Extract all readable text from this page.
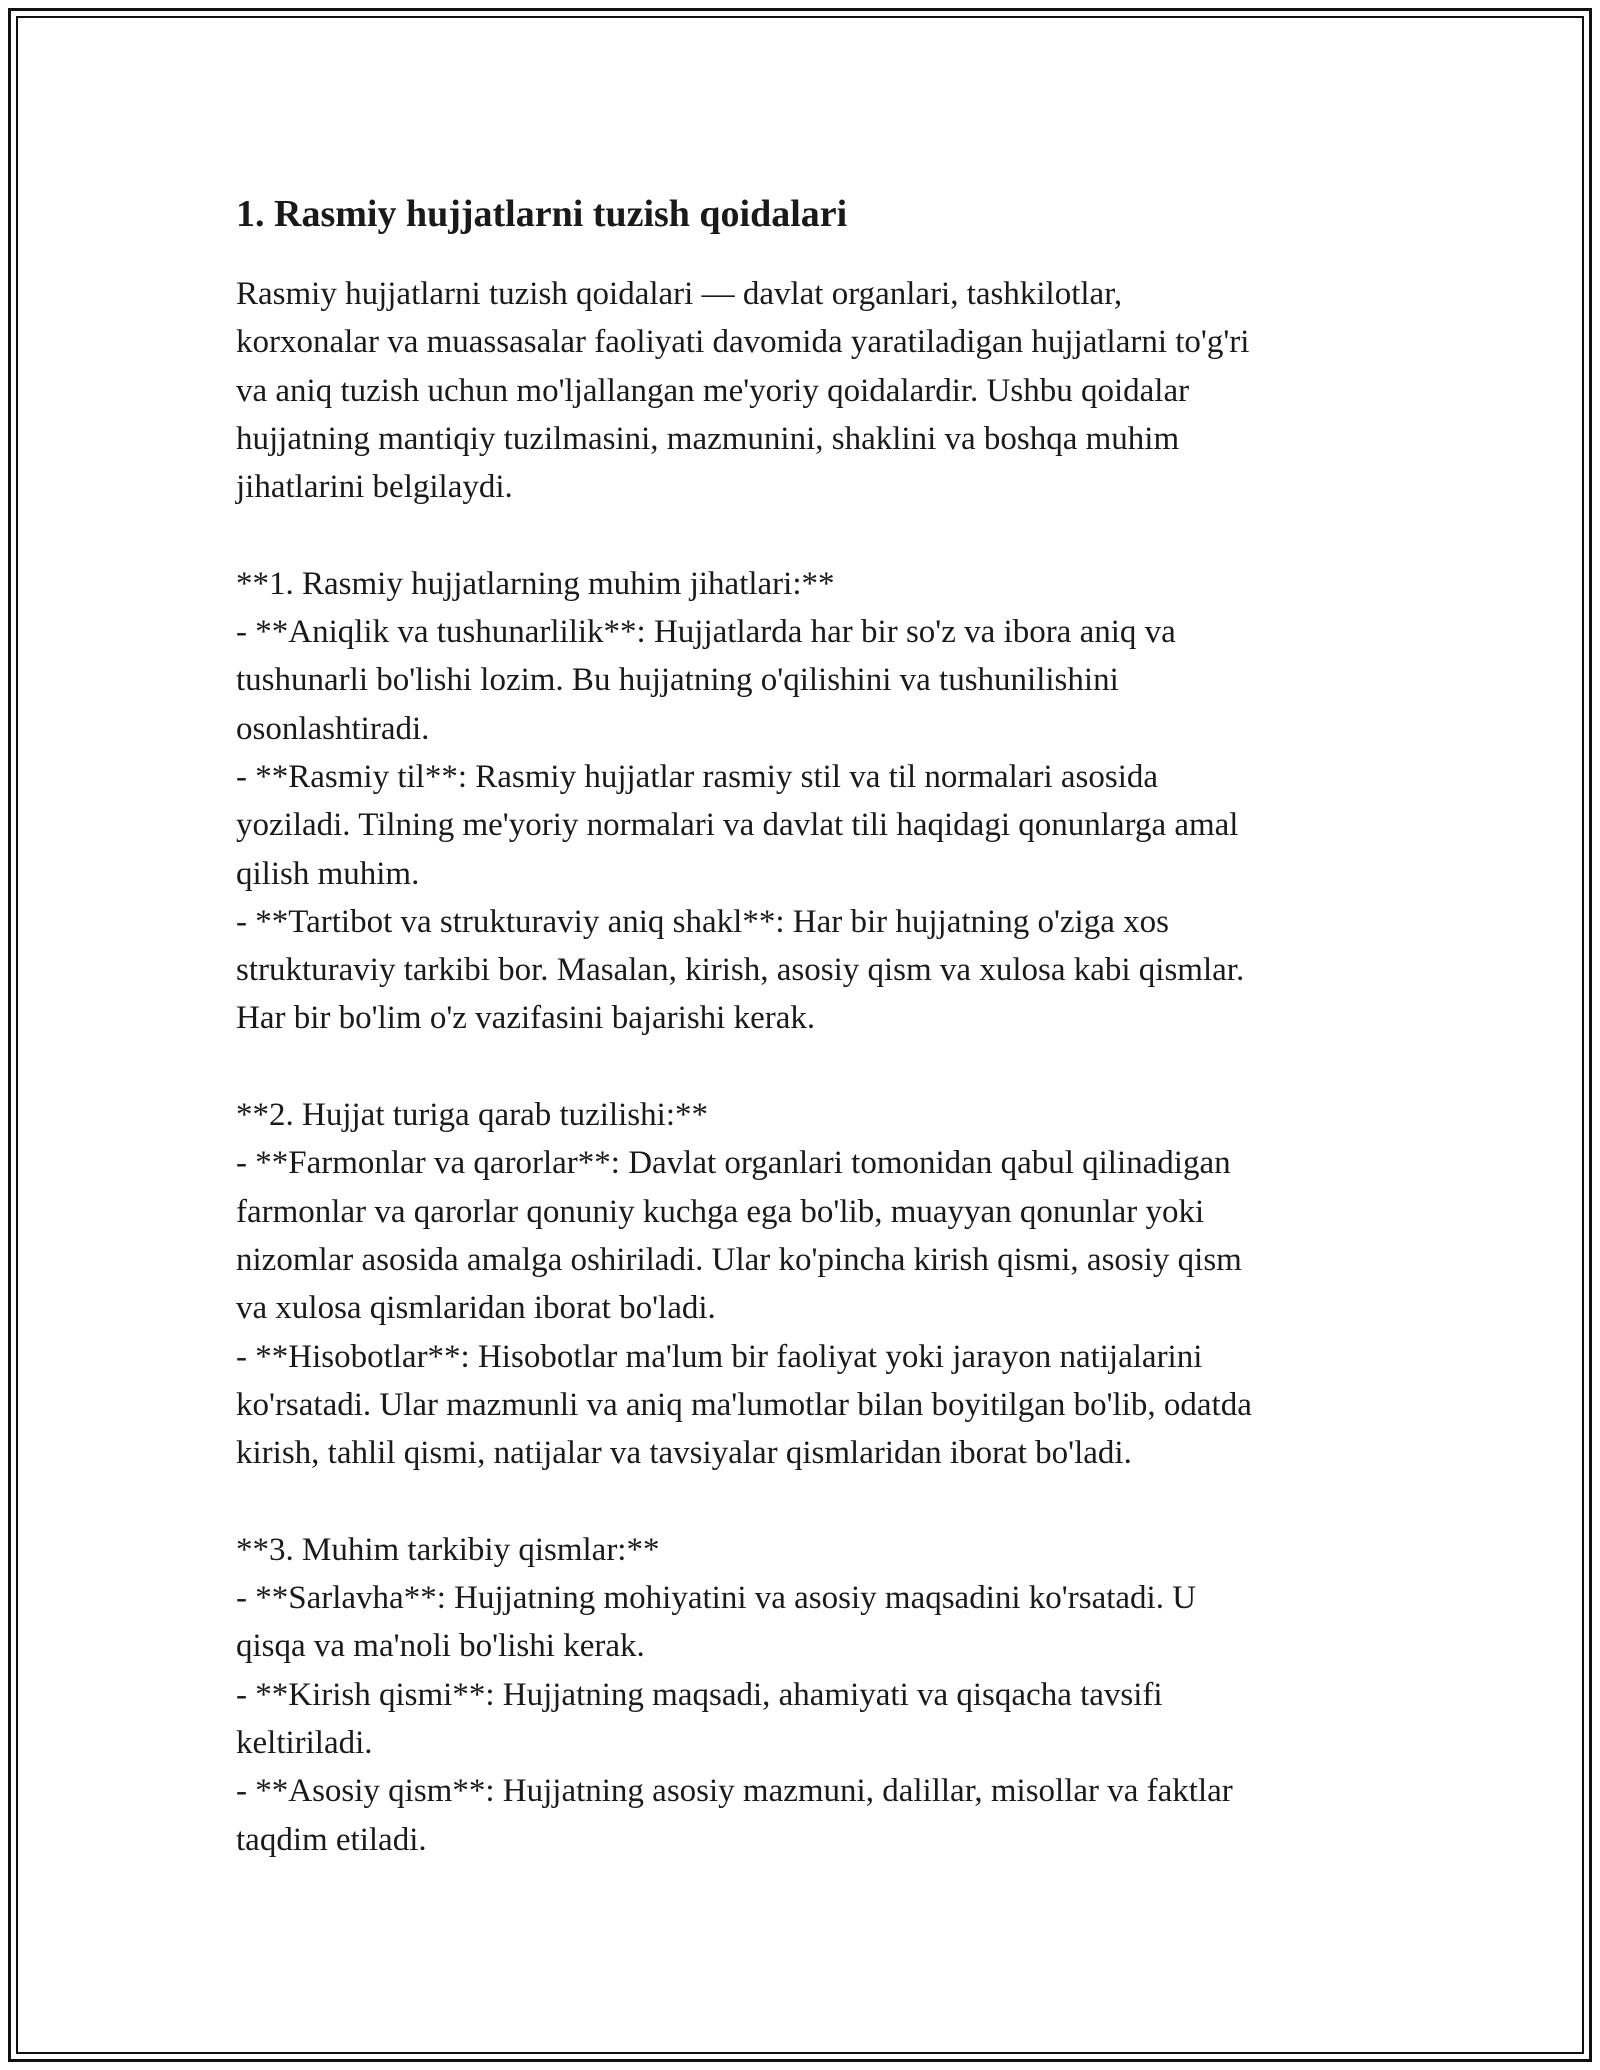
1. Rasmiy hujjatlarni tuzish qoidalari

Rasmiy hujjatlarni tuzish qoidalari — davlat organlari, tashkilotlar,

korxonalar va muassasalar faoliyati davomida yaratiladigan hujjatlarni to'g'ri

va aniq tuzish uchun mo'ljallangan me'yoriy qoidalardir. Ushbu qoidalar

hujjatning mantiqiy tuzilmasini, mazmunini, shaklini va boshqa muhim

jihatlarini belgilaydi.

**1. Rasmiy hujjatlarning muhim jihatlari:**

- **Aniqlik va tushunarlilik**: Hujjatlarda har bir so'z va ibora aniq va

tushunarli bo'lishi lozim. Bu hujjatning o'qilishini va tushunilishini

osonlashtiradi.

- **Rasmiy til**: Rasmiy hujjatlar rasmiy stil va til normalari asosida

yoziladi. Tilning me'yoriy normalari va davlat tili haqidagi qonunlarga amal

qilish muhim.

- **Tartibot va strukturaviy aniq shakl**: Har bir hujjatning o'ziga xos

strukturaviy tarkibi bor. Masalan, kirish, asosiy qism va xulosa kabi qismlar.

Har bir bo'lim o'z vazifasini bajarishi kerak.

**2. Hujjat turiga qarab tuzilishi:**

- **Farmonlar va qarorlar**: Davlat organlari tomonidan qabul qilinadigan

farmonlar va qarorlar qonuniy kuchga ega bo'lib, muayyan qonunlar yoki

nizomlar asosida amalga oshiriladi. Ular ko'pincha kirish qismi, asosiy qism

va xulosa qismlaridan iborat bo'ladi.

- **Hisobotlar**: Hisobotlar ma'lum bir faoliyat yoki jarayon natijalarini

ko'rsatadi. Ular mazmunli va aniq ma'lumotlar bilan boyitilgan bo'lib, odatda

kirish, tahlil qismi, natijalar va tavsiyalar qismlaridan iborat bo'ladi.

**3. Muhim tarkibiy qismlar:**

- **Sarlavha**: Hujjatning mohiyatini va asosiy maqsadini ko'rsatadi. U

qisqa va ma'noli bo'lishi kerak.

- **Kirish qismi**: Hujjatning maqsadi, ahamiyati va qisqacha tavsifi

keltiriladi.

- **Asosiy qism**: Hujjatning asosiy mazmuni, dalillar, misollar va faktlar

taqdim etiladi.
